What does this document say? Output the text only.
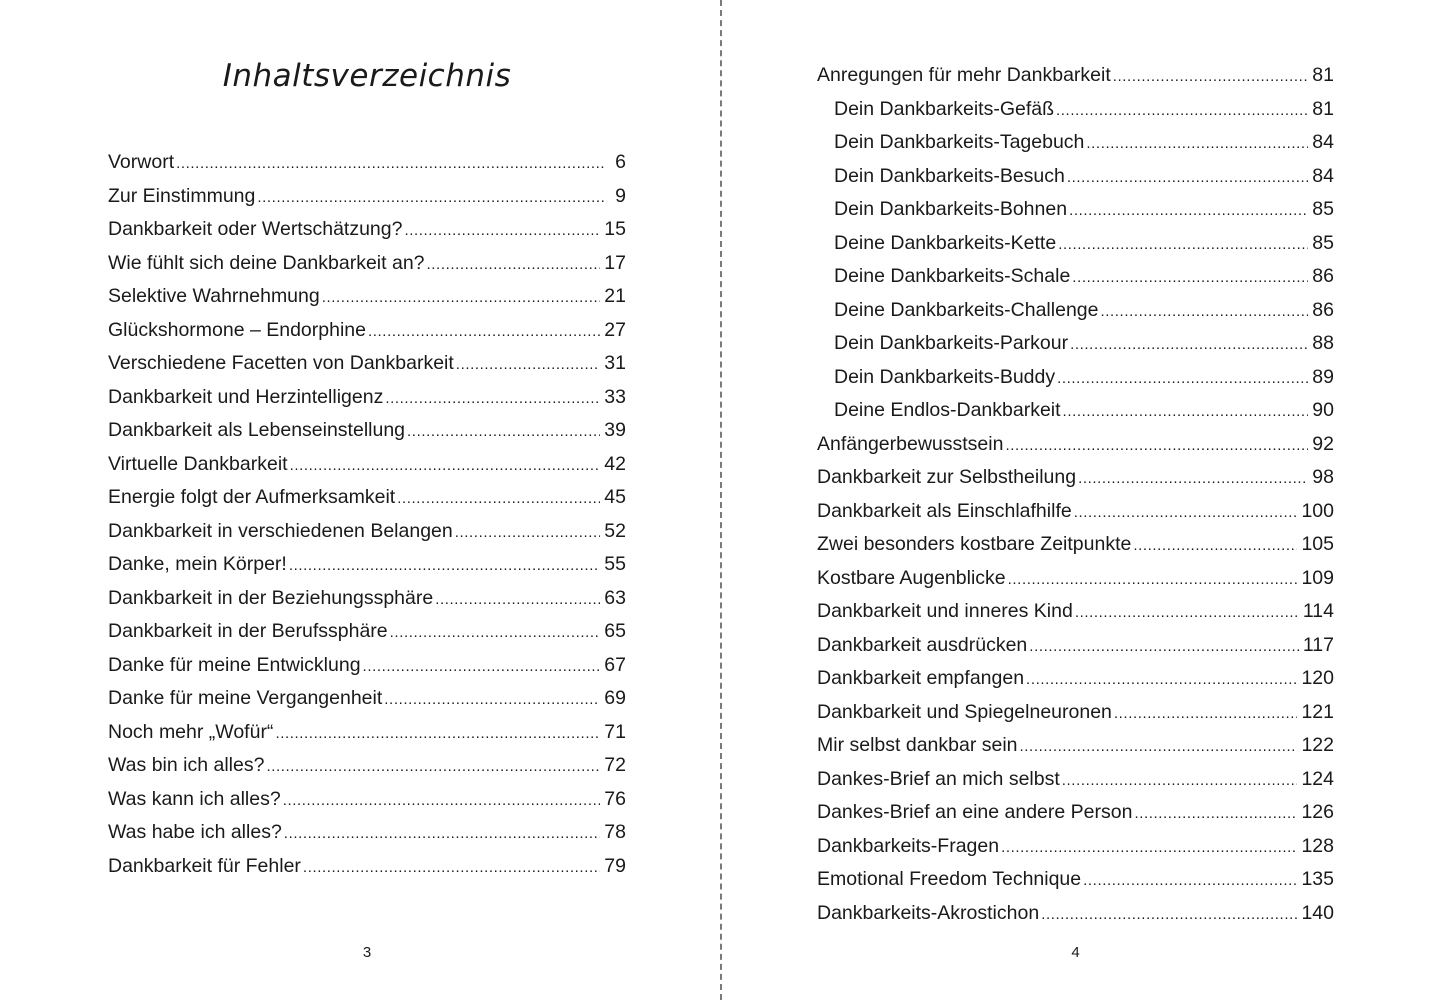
Inhaltsverzeichnis
Vorwort .....	6
Zur Einstimmung .....	9
Dankbarkeit oder Wertschätzung? .....	15
Wie fühlt sich deine Dankbarkeit an? .....	17
Selektive Wahrnehmung .....	21
Glückshormone – Endorphine .....	27
Verschiedene Facetten von Dankbarkeit .....	31
Dankbarkeit und Herzintelligenz .....	33
Dankbarkeit als Lebenseinstellung .....	39
Virtuelle Dankbarkeit .....	42
Energie folgt der Aufmerksamkeit .....	45
Dankbarkeit in verschiedenen Belangen .....	52
Danke, mein Körper! .....	55
Dankbarkeit in der Beziehungssphäre .....	63
Dankbarkeit in der Berufssphäre .....	65
Danke für meine Entwicklung .....	67
Danke für meine Vergangenheit .....	69
Noch mehr „Wofür“ .....	71
Was bin ich alles? .....	72
Was kann ich alles? .....	76
Was habe ich alles? .....	78
Dankbarkeit für Fehler .....	79
3
Anregungen für mehr Dankbarkeit .....	81
Dein Dankbarkeits-Gefäß .....	81
Dein Dankbarkeits-Tagebuch .....	84
Dein Dankbarkeits-Besuch .....	84
Dein Dankbarkeits-Bohnen .....	85
Deine Dankbarkeits-Kette .....	85
Deine Dankbarkeits-Schale .....	86
Deine Dankbarkeits-Challenge .....	86
Dein Dankbarkeits-Parkour .....	88
Dein Dankbarkeits-Buddy .....	89
Deine Endlos-Dankbarkeit .....	90
Anfängerbewusstsein .....	92
Dankbarkeit zur Selbstheilung .....	98
Dankbarkeit als Einschlafhilfe .....	100
Zwei besonders kostbare Zeitpunkte .....	105
Kostbare Augenblicke .....	109
Dankbarkeit und inneres Kind .....	114
Dankbarkeit ausdrücken .....	117
Dankbarkeit empfangen .....	120
Dankbarkeit und Spiegelneuronen .....	121
Mir selbst dankbar sein .....	122
Dankes-Brief an mich selbst .....	124
Dankes-Brief an eine andere Person .....	126
Dankbarkeits-Fragen .....	128
Emotional Freedom Technique .....	135
Dankbarkeits-Akrostichon .....	140
4
